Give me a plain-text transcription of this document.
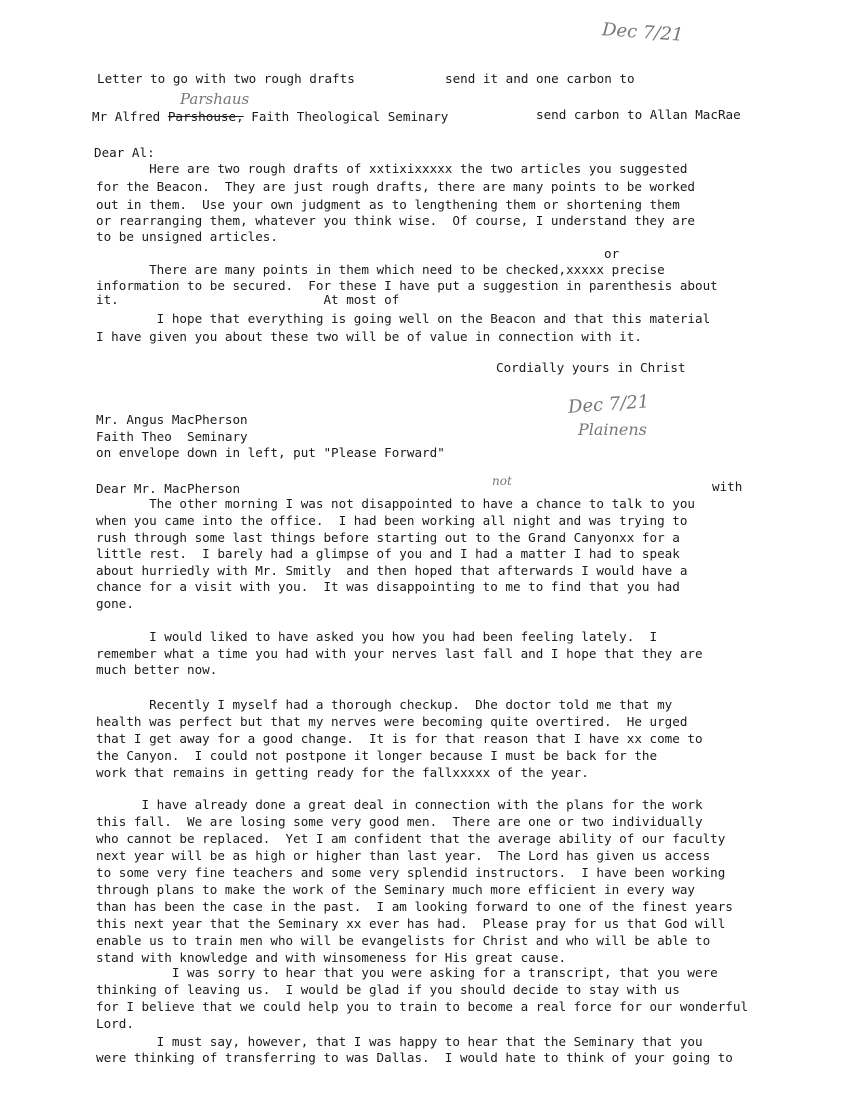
Dec 7/21
Parshaus
Dec 7/21
Plainens
not
Letter to go with two rough drafts	send it and one carbon to
Mr Alfred Parshouse, Faith Theological Seminary	send carbon to Allan MacRae
Dear Al:
Here are two rough drafts of xxtixixxxxx the two articles you suggested
for the Beacon.  They are just rough drafts, there are many points to be worked
out in them.  Use your own judgment as to lengthening them or shortening them
or rearranging them, whatever you think wise.  Of course, I understand they are
to be unsigned articles.
or
There are many points in them which need to be checked,xxxxx precise
information to be secured.  For these I have put a suggestion in parenthesis about
it.                           At most of
I hope that everything is going well on the Beacon and that this material
I have given you about these two will be of value in connection with it.
Cordially yours in Christ
Mr. Angus MacPherson
Faith Theo  Seminary
on envelope down in left, put "Please Forward"
Dear Mr. MacPherson	with
The other morning I was not disappointed to have a chance to talk to you
when you came into the office.  I had been working all night and was trying to
rush through some last things before starting out to the Grand Canyonxx for a
little rest.  I barely had a glimpse of you and I had a matter I had to speak
about hurriedly with Mr. Smitly  and then hoped that afterwards I would have a
chance for a visit with you.  It was disappointing to me to find that you had
gone.
I would liked to have asked you how you had been feeling lately.  I
remember what a time you had with your nerves last fall and I hope that they are
much better now.
Recently I myself had a thorough checkup.  Dhe doctor told me that my
health was perfect but that my nerves were becoming quite overtired.  He urged
that I get away for a good change.  It is for that reason that I have xx come to
the Canyon.  I could not postpone it longer because I must be back for the
work that remains in getting ready for the fallxxxxx of the year.
I have already done a great deal in connection with the plans for the work
this fall.  We are losing some very good men.  There are one or two individually
who cannot be replaced.  Yet I am confident that the average ability of our faculty
next year will be as high or higher than last year.  The Lord has given us access
to some very fine teachers and some very splendid instructors.  I have been working
through plans to make the work of the Seminary much more efficient in every way
than has been the case in the past.  I am looking forward to one of the finest years
this next year that the Seminary xx ever has had.  Please pray for us that God will
enable us to train men who will be evangelists for Christ and who will be able to
stand with knowledge and with winsomeness for His great cause.
I was sorry to hear that you were asking for a transcript, that you were
thinking of leaving us.  I would be glad if you should decide to stay with us
for I believe that we could help you to train to become a real force for our wonderful
Lord.
I must say, however, that I was happy to hear that the Seminary that you
were thinking of transferring to was Dallas.  I would hate to think of your going to
